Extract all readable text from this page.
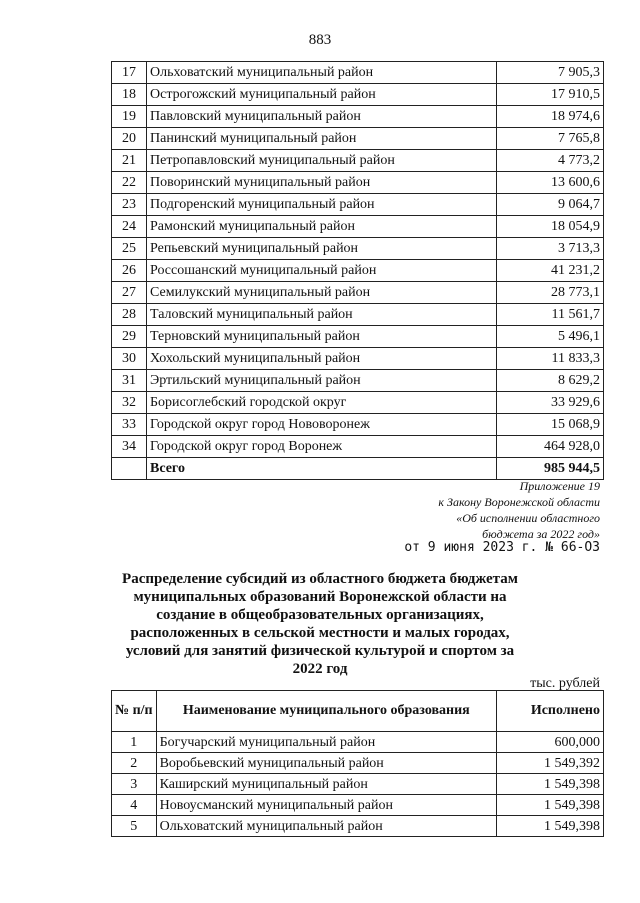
883
17	Ольховатский муниципальный район	7 905,3
18	Острогожский муниципальный район	17 910,5
19	Павловский муниципальный район	18 974,6
20	Панинский муниципальный район	7 765,8
21	Петропавловский муниципальный район	4 773,2
22	Поворинский муниципальный район	13 600,6
23	Подгоренский муниципальный район	9 064,7
24	Рамонский муниципальный район	18 054,9
25	Репьевский муниципальный район	3 713,3
26	Россошанский муниципальный район	41 231,2
27	Семилукский муниципальный район	28 773,1
28	Таловский муниципальный район	11 561,7
29	Терновский муниципальный район	5 496,1
30	Хохольский муниципальный район	11 833,3
31	Эртильский муниципальный район	8 629,2
32	Борисоглебский городской округ	33 929,6
33	Городской округ город Нововоронеж	15 068,9
34	Городской округ город Воронеж	464 928,0
	Всего	985 944,5
Приложение 19
к Закону Воронежской области
«Об исполнении областного
бюджета за 2022 год»
от 9 июня 2023 г. № 66-ОЗ
Распределение субсидий из областного бюджета бюджетам муниципальных образований Воронежской области на создание в общеобразовательных организациях, расположенных в сельской местности и малых городах, условий для занятий физической культурой и спортом за 2022 год
тыс. рублей
№ п/п	Наименование муниципального образования	Исполнено
1	Богучарский муниципальный район	600,000
2	Воробьевский муниципальный район	1 549,392
3	Каширский муниципальный район	1 549,398
4	Новоусманский муниципальный район	1 549,398
5	Ольховатский муниципальный район	1 549,398
